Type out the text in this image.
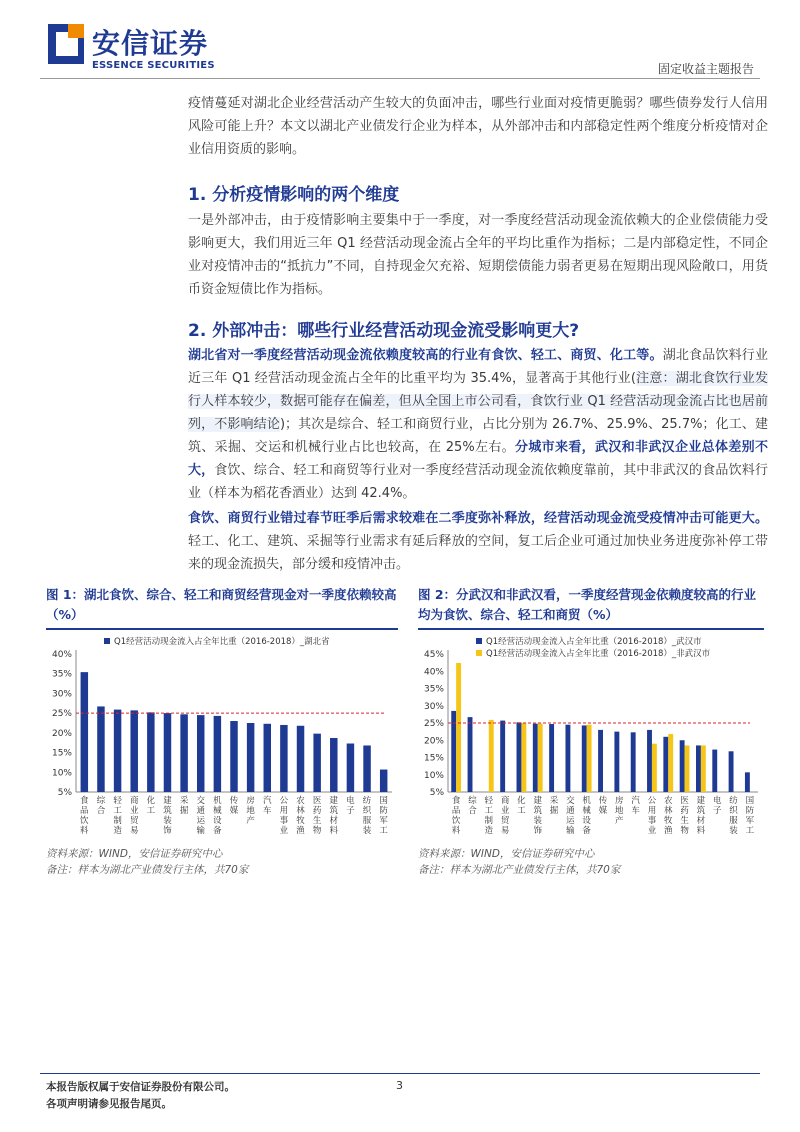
安信证券
ESSENCE SECURITIES	固定收益主题报告

疫情蔓延对湖北企业经营活动产生较大的负面冲击，哪些行业面对疫情更脆弱？哪些债券发行人信用风险可能上升？本文以湖北产业债发行企业为样本，从外部冲击和内部稳定性两个维度分析疫情对企业信用资质的影响。

1. 分析疫情影响的两个维度

一是外部冲击，由于疫情影响主要集中于一季度，对一季度经营活动现金流依赖大的企业偿债能力受影响更大，我们用近三年 Q1 经营活动现金流占全年的平均比重作为指标；二是内部稳定性，不同企业对疫情冲击的“抵抗力”不同，自持现金欠充裕、短期偿债能力弱者更易在短期出现风险敞口，用货币资金短债比作为指标。

2. 外部冲击：哪些行业经营活动现金流受影响更大?

湖北省对一季度经营活动现金流依赖度较高的行业有食饮、轻工、商贸、化工等。湖北食品饮料行业近三年 Q1 经营活动现金流占全年的比重平均为 35.4%，显著高于其他行业(注意：湖北食饮行业发行人样本较少，数据可能存在偏差，但从全国上市公司看，食饮行业 Q1 经营活动现金流占比也居前列，不影响结论)；其次是综合、轻工和商贸行业，占比分别为 26.7%、25.9%、25.7%；化工、建筑、采掘、交运和机械行业占比也较高，在 25%左右。分城市来看，武汉和非武汉企业总体差别不大，食饮、综合、轻工和商贸等行业对一季度经营活动现金流依赖度靠前，其中非武汉的食品饮料行业（样本为稻花香酒业）达到 42.4%。

食饮、商贸行业错过春节旺季后需求较难在二季度弥补释放，经营活动现金流受疫情冲击可能更大。轻工、化工、建筑、采掘等行业需求有延后释放的空间，复工后企业可通过加快业务进度弥补停工带来的现金流损失，部分缓和疫情冲击。

图 1：湖北食饮、综合、轻工和商贸经营现金对一季度依赖较高（%）
5%
10%
15%
20%
25%
30%
35%
40%
Q1经营活动现金流入占全年比重（2016-2018）_湖北省
食
品
饮
料
综
合
轻
工
制
造
商
业
贸
易
化
工
建
筑
装
饰
采
掘
交
通
运
输
机
械
设
备
传
媒
房
地
产
汽
车
公
用
事
业
农
林
牧
渔
医
药
生
物
建
筑
材
料
电
子
纺
织
服
装
国
防
军
工
资料来源：WIND，安信证券研究中心
备注：样本为湖北产业债发行主体，共70家
图 2：分武汉和非武汉看，一季度经营现金依赖度较高的行业均为食饮、综合、轻工和商贸（%）
5%
10%
15%
20%
25%
30%
35%
40%
45%
Q1经营活动现金流入占全年比重（2016-2018）_武汉市
Q1经营活动现金流入占全年比重（2016-2018）_非武汉市
食
品
饮
料
综
合
轻
工
制
造
商
业
贸
易
化
工
建
筑
装
饰
采
掘
交
通
运
输
机
械
设
备
传
媒
房
地
产
汽
车
公
用
事
业
农
林
牧
渔
医
药
生
物
建
筑
材
料
电
子
纺
织
服
装
国
防
军
工
资料来源：WIND，安信证券研究中心
备注：样本为湖北产业债发行主体，共70家
本报告版权属于安信证券股份有限公司。
各项声明请参见报告尾页。
3
